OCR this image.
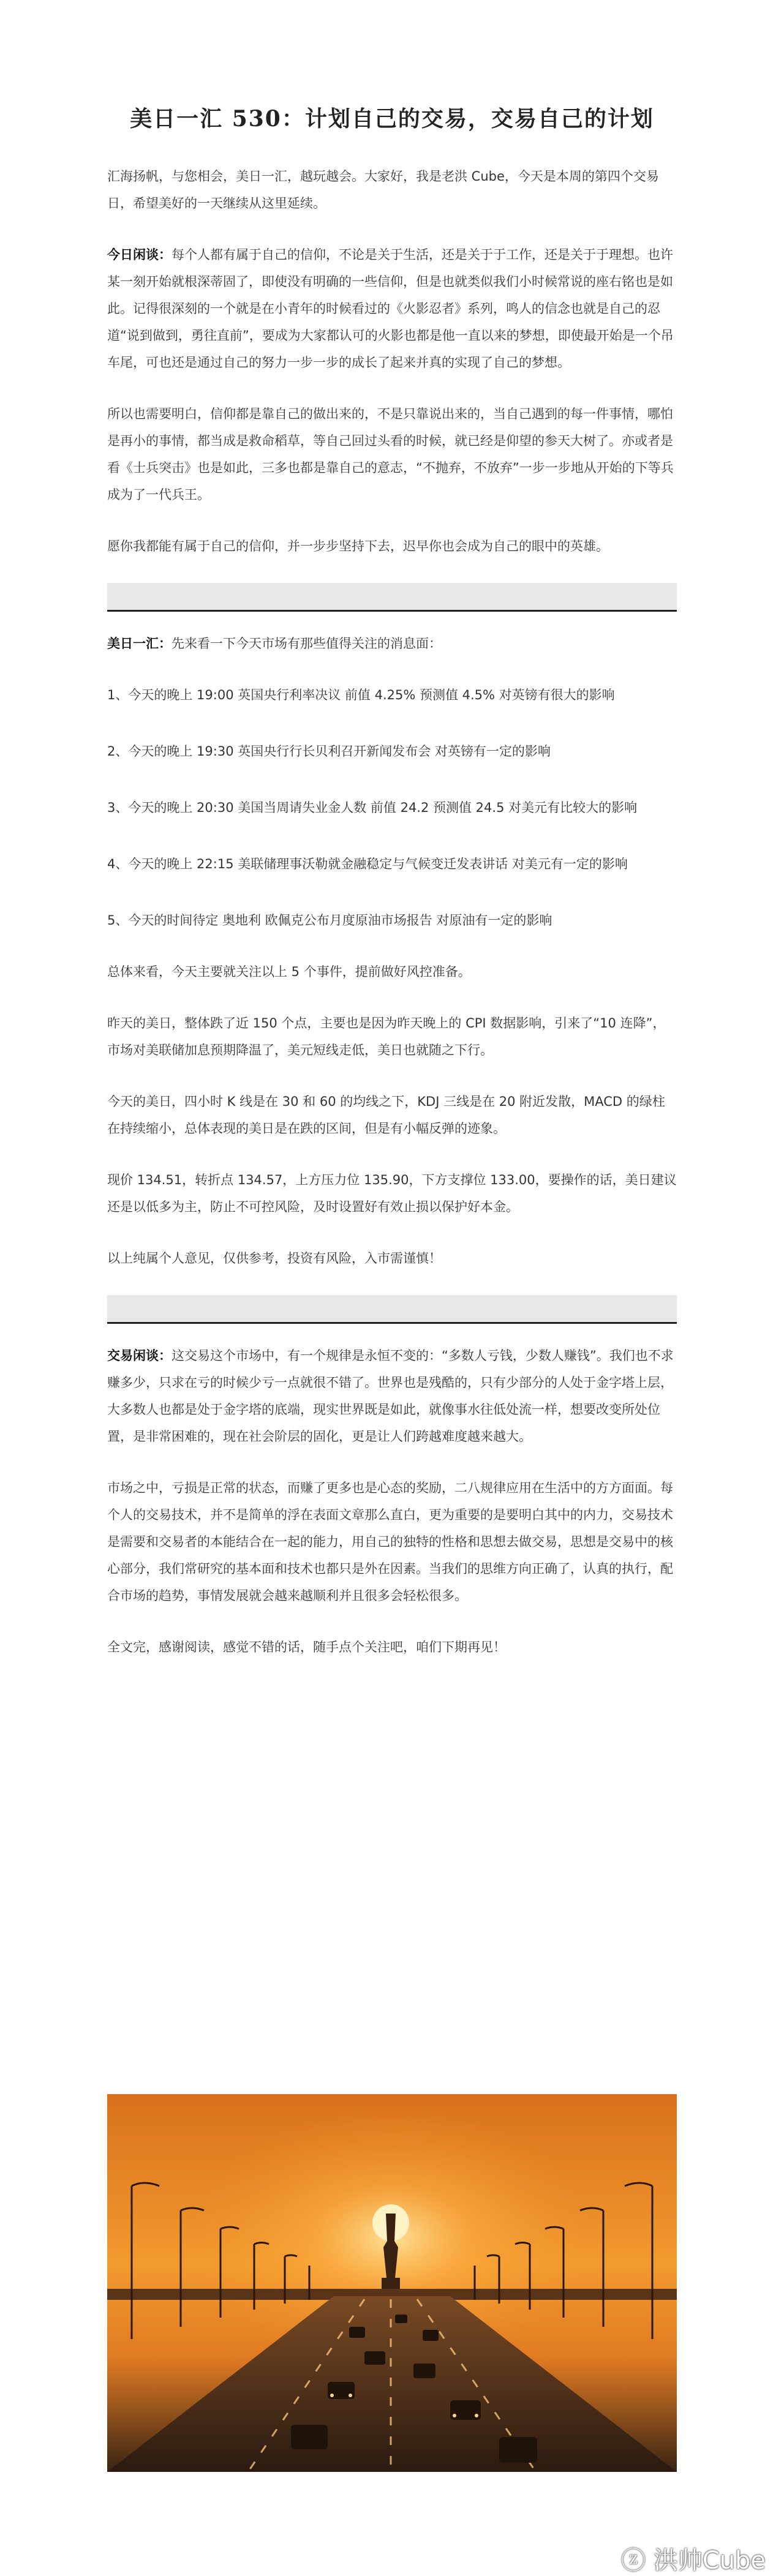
美日一汇 530：计划自己的交易，交易自己的计划

汇海扬帆，与您相会，美日一汇，越玩越会。大家好，我是老洪 Cube，今天是本周的第四个交易日，希望美好的一天继续从这里延续。

今日闲谈：每个人都有属于自己的信仰，不论是关于生活，还是关于于工作，还是关于于理想。也许某一刻开始就根深蒂固了，即使没有明确的一些信仰，但是也就类似我们小时候常说的座右铭也是如此。记得很深刻的一个就是在小青年的时候看过的《火影忍者》系列，鸣人的信念也就是自己的忍道“说到做到，勇往直前”，要成为大家都认可的火影也都是他一直以来的梦想，即使最开始是一个吊车尾，可也还是通过自己的努力一步一步的成长了起来并真的实现了自己的梦想。

所以也需要明白，信仰都是靠自己的做出来的，不是只靠说出来的，当自己遇到的每一件事情，哪怕是再小的事情，都当成是救命稻草，等自己回过头看的时候，就已经是仰望的参天大树了。亦或者是看《士兵突击》也是如此，三多也都是靠自己的意志，“不抛弃，不放弃”一步一步地从开始的下等兵成为了一代兵王。

愿你我都能有属于自己的信仰，并一步步坚持下去，迟早你也会成为自己的眼中的英雄。

美日一汇：先来看一下今天市场有那些值得关注的消息面：

1、今天的晚上 19:00 英国央行利率决议 前值 4.25% 预测值 4.5% 对英镑有很大的影响

2、今天的晚上 19:30 英国央行行长贝利召开新闻发布会 对英镑有一定的影响

3、今天的晚上 20:30 美国当周请失业金人数 前值 24.2 预测值 24.5 对美元有比较大的影响

4、今天的晚上 22:15 美联储理事沃勒就金融稳定与气候变迁发表讲话 对美元有一定的影响

5、今天的时间待定 奥地利 欧佩克公布月度原油市场报告 对原油有一定的影响

总体来看，今天主要就关注以上 5 个事件，提前做好风控准备。

昨天的美日，整体跌了近 150 个点，主要也是因为昨天晚上的 CPI 数据影响，引来了“10 连降”，市场对美联储加息预期降温了，美元短线走低，美日也就随之下行。

今天的美日，四小时 K 线是在 30 和 60 的均线之下，KDJ 三线是在 20 附近发散，MACD 的绿柱在持续缩小，总体表现的美日是在跌的区间，但是有小幅反弹的迹象。

现价 134.51，转折点 134.57，上方压力位 135.90，下方支撑位 133.00，要操作的话，美日建议还是以低多为主，防止不可控风险，及时设置好有效止损以保护好本金。

以上纯属个人意见，仅供参考，投资有风险，入市需谨慎！

交易闲谈：这交易这个市场中，有一个规律是永恒不变的：“多数人亏钱，少数人赚钱”。我们也不求赚多少，只求在亏的时候少亏一点就很不错了。世界也是残酷的，只有少部分的人处于金字塔上层，大多数人也都是处于金字塔的底端，现实世界既是如此，就像事水往低处流一样，想要改变所处位置，是非常困难的，现在社会阶层的固化，更是让人们跨越难度越来越大。

市场之中，亏损是正常的状态，而赚了更多也是心态的奖励，二八规律应用在生活中的方方面面。每个人的交易技术，并不是简单的浮在表面文章那么直白，更为重要的是要明白其中的内力，交易技术是需要和交易者的本能结合在一起的能力，用自己的独特的性格和思想去做交易，思想是交易中的核心部分，我们常研究的基本面和技术也都只是外在因素。当我们的思维方向正确了，认真的执行，配合市场的趋势，事情发展就会越来越顺利并且很多会轻松很多。

全文完，感谢阅读，感觉不错的话，随手点个关注吧，咱们下期再见！

ⓩ 洪帅Cube
